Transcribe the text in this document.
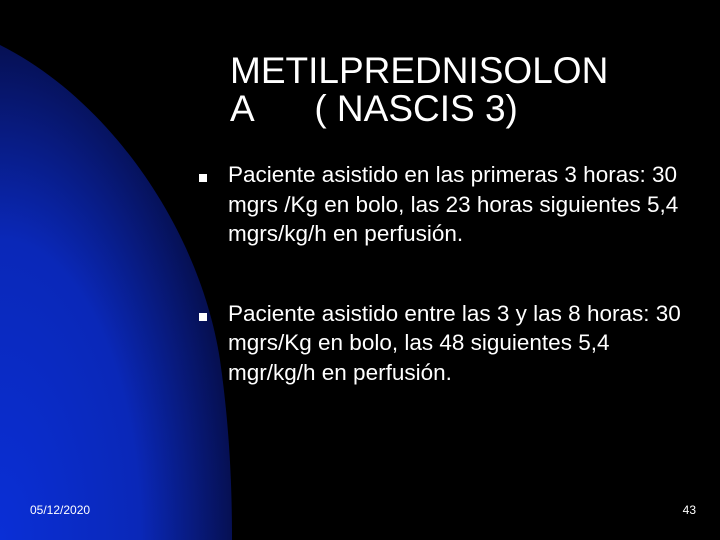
METILPREDNISOLON
A      ( NASCIS 3)
Paciente asistido en las primeras 3 horas: 30 mgrs /Kg en bolo, las 23 horas siguientes 5,4 mgrs/kg/h en perfusión.
Paciente asistido entre las 3 y las 8 horas: 30 mgrs/Kg en bolo, las 48 siguientes 5,4 mgr/kg/h en perfusión.
05/12/2020	43
